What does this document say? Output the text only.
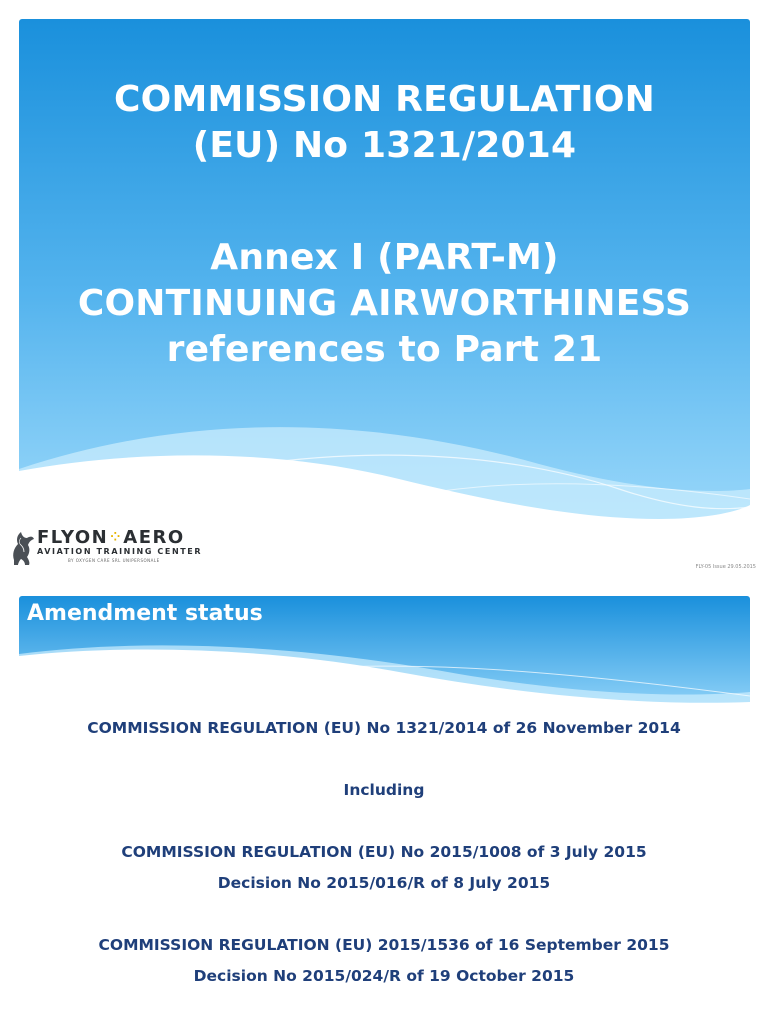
COMMISSION REGULATION
(EU) No 1321/2014
Annex I (PART-M)
CONTINUING AIRWORTHINESS
references to Part 21
FLYON ⁘ AERO
AVIATION TRAINING CENTER
BY OXYGEN CARE SRL UNIPERSONALE
FLY-05 Issue 29.05.2015
Amendment status
COMMISSION REGULATION (EU) No 1321/2014 of 26 November 2014
Including
COMMISSION REGULATION (EU) No 2015/1008 of 3 July 2015
Decision No 2015/016/R of 8 July 2015
COMMISSION REGULATION (EU) 2015/1536 of 16 September 2015
Decision No 2015/024/R of 19 October 2015
